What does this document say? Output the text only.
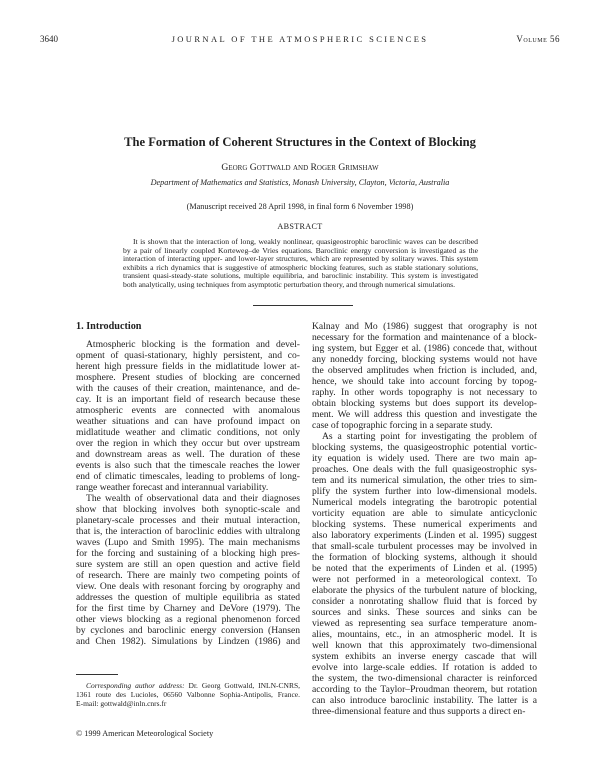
3640	JOURNAL OF THE ATMOSPHERIC SCIENCES	Volume 56
The Formation of Coherent Structures in the Context of Blocking
Georg Gottwald and Roger Grimshaw
Department of Mathematics and Statistics, Monash University, Clayton, Victoria, Australia
(Manuscript received 28 April 1998, in final form 6 November 1998)
ABSTRACT
It is shown that the interaction of long, weakly nonlinear, quasigeostrophic baroclinic waves can be described
by a pair of linearly coupled Korteweg–de Vries equations. Baroclinic energy conversion is investigated as the
interaction of interacting upper- and lower-layer structures, which are represented by solitary waves. This system
exhibits a rich dynamics that is suggestive of atmospheric blocking features, such as stable stationary solutions,
transient quasi-steady-state solutions, multiple equilibria, and baroclinic instability. This system is investigated
both analytically, using techniques from asymptotic perturbation theory, and through numerical simulations.
1. Introduction
Atmospheric blocking is the formation and devel-
opment of quasi-stationary, highly persistent, and co-
herent high pressure fields in the midlatitude lower at-
mosphere. Present studies of blocking are concerned
with the causes of their creation, maintenance, and de-
cay. It is an important field of research because these
atmospheric events are connected with anomalous
weather situations and can have profound impact on
midlatitude weather and climatic conditions, not only
over the region in which they occur but over upstream
and downstream areas as well. The duration of these
events is also such that the timescale reaches the lower
end of climatic timescales, leading to problems of long-
range weather forecast and interannual variability.
The wealth of observational data and their diagnoses
show that blocking involves both synoptic-scale and
planetary-scale processes and their mutual interaction,
that is, the interaction of baroclinic eddies with ultralong
waves (Lupo and Smith 1995). The main mechanisms
for the forcing and sustaining of a blocking high pres-
sure system are still an open question and active field
of research. There are mainly two competing points of
view. One deals with resonant forcing by orography and
addresses the question of multiple equilibria as stated
for the first time by Charney and DeVore (1979). The
other views blocking as a regional phenomenon forced
by cyclones and baroclinic energy conversion (Hansen
and Chen 1982). Simulations by Lindzen (1986) and
Kalnay and Mo (1986) suggest that orography is not
necessary for the formation and maintenance of a block-
ing system, but Egger et al. (1986) concede that, without
any noneddy forcing, blocking systems would not have
the observed amplitudes when friction is included, and,
hence, we should take into account forcing by topog-
raphy. In other words topography is not necessary to
obtain blocking systems but does support its develop-
ment. We will address this question and investigate the
case of topographic forcing in a separate study.
As a starting point for investigating the problem of
blocking systems, the quasigeostrophic potential vortic-
ity equation is widely used. There are two main ap-
proaches. One deals with the full quasigeostrophic sys-
tem and its numerical simulation, the other tries to sim-
plify the system further into low-dimensional models.
Numerical models integrating the barotropic potential
vorticity equation are able to simulate anticyclonic
blocking systems. These numerical experiments and
also laboratory experiments (Linden et al. 1995) suggest
that small-scale turbulent processes may be involved in
the formation of blocking systems, although it should
be noted that the experiments of Linden et al. (1995)
were not performed in a meteorological context. To
elaborate the physics of the turbulent nature of blocking,
consider a nonrotating shallow fluid that is forced by
sources and sinks. These sources and sinks can be
viewed as representing sea surface temperature anom-
alies, mountains, etc., in an atmospheric model. It is
well known that this approximately two-dimensional
system exhibits an inverse energy cascade that will
evolve into large-scale eddies. If rotation is added to
the system, the two-dimensional character is reinforced
according to the Taylor–Proudman theorem, but rotation
can also introduce baroclinic instability. The latter is a
three-dimensional feature and thus supports a direct en-
Corresponding author address: Dr. Georg Gottwald, INLN-CNRS,
1361 route des Lucioles, 06560 Valbonne Sophia-Antipolis, France.
E-mail: gottwald@inln.cnrs.fr
© 1999 American Meteorological Society
